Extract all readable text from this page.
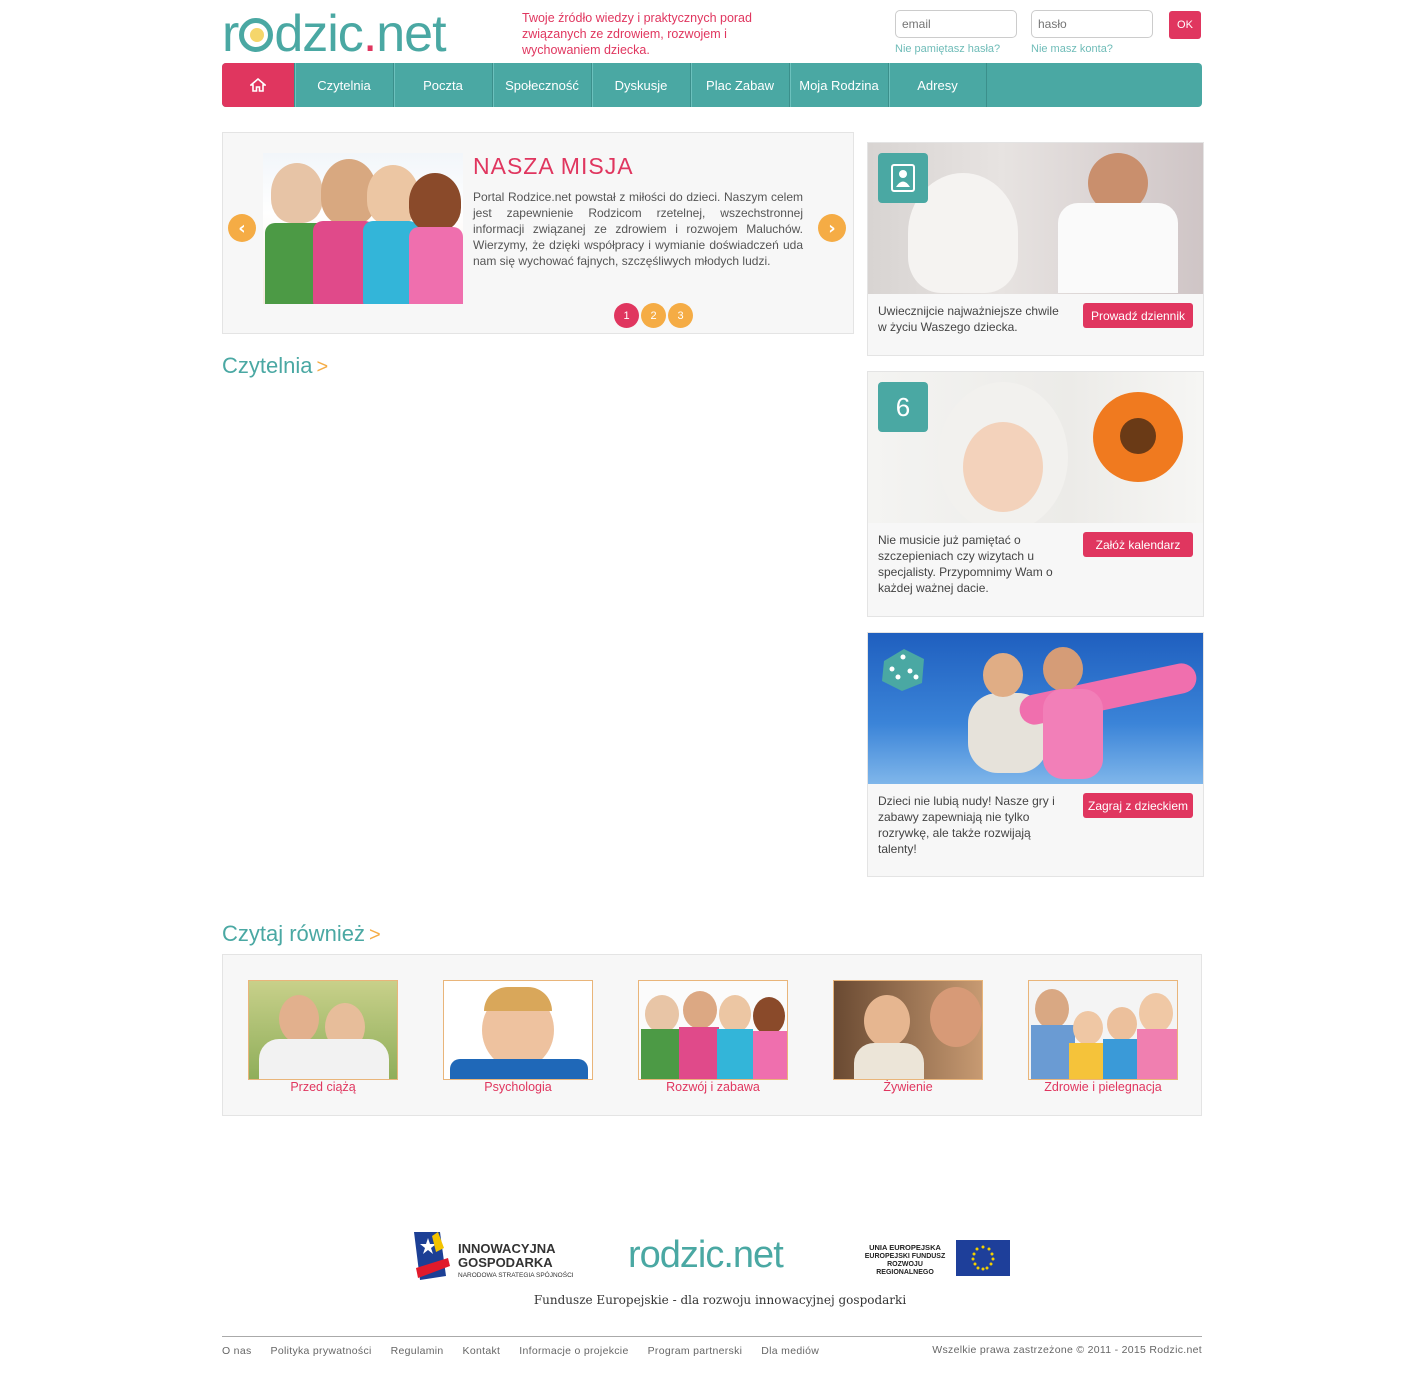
r dzic.net	Twoje źródło wiedzy i praktycznych porad związanych ze zdrowiem, rozwojem i wychowaniem dziecka.
email
OK
Nie pamiętasz hasła?	Nie masz konta?
Czytelnia	Poczta	Społeczność	Dyskusje	Plac Zabaw	Moja Rodzina	Adresy
NASZA MISJA
Portal Rodzice.net powstał z miłości do dzieci. Naszym celem jest zapewnienie Rodzicom rzetelnej, wszechstronnej informacji związanej ze zdrowiem i rozwojem Maluchów. Wierzymy, że dzięki współpracy i wymianie doświadczeń uda nam się wychować fajnych, szczęśliwych młodych ludzi.
‹	›
1	2	3
Czytelnia >
Uwiecznijcie najważniejsze chwile w życiu Waszego dziecka.
Prowadź dziennik
6
Nie musicie już pamiętać o szczepieniach czy wizytach u specjalisty. Przypomnimy Wam o każdej ważnej dacie.
Załóż kalendarz
Dzieci nie lubią nudy! Nasze gry i zabawy zapewniają nie tylko rozrywkę, ale także rozwijają talenty!
Zagraj z dzieckiem
Czytaj również >
Przed ciążą	Psychologia	Rozwój i zabawa	Żywienie	Zdrowie i pielegnacja
INNOWACYJNA
GOSPODARKA
NARODOWA STRATEGIA SPÓJNOŚCI rodzic.net	UNIA EUROPEJSKA
EUROPEJSKI FUNDUSZ
ROZWOJU REGIONALNEGO
Fundusze Europejskie - dla rozwoju innowacyjnej gospodarki
O nas Polityka prywatności Regulamin Kontakt Informacje o projekcie Program partnerski Dla mediów	Wszelkie prawa zastrzeżone © 2011 - 2015 Rodzic.net
